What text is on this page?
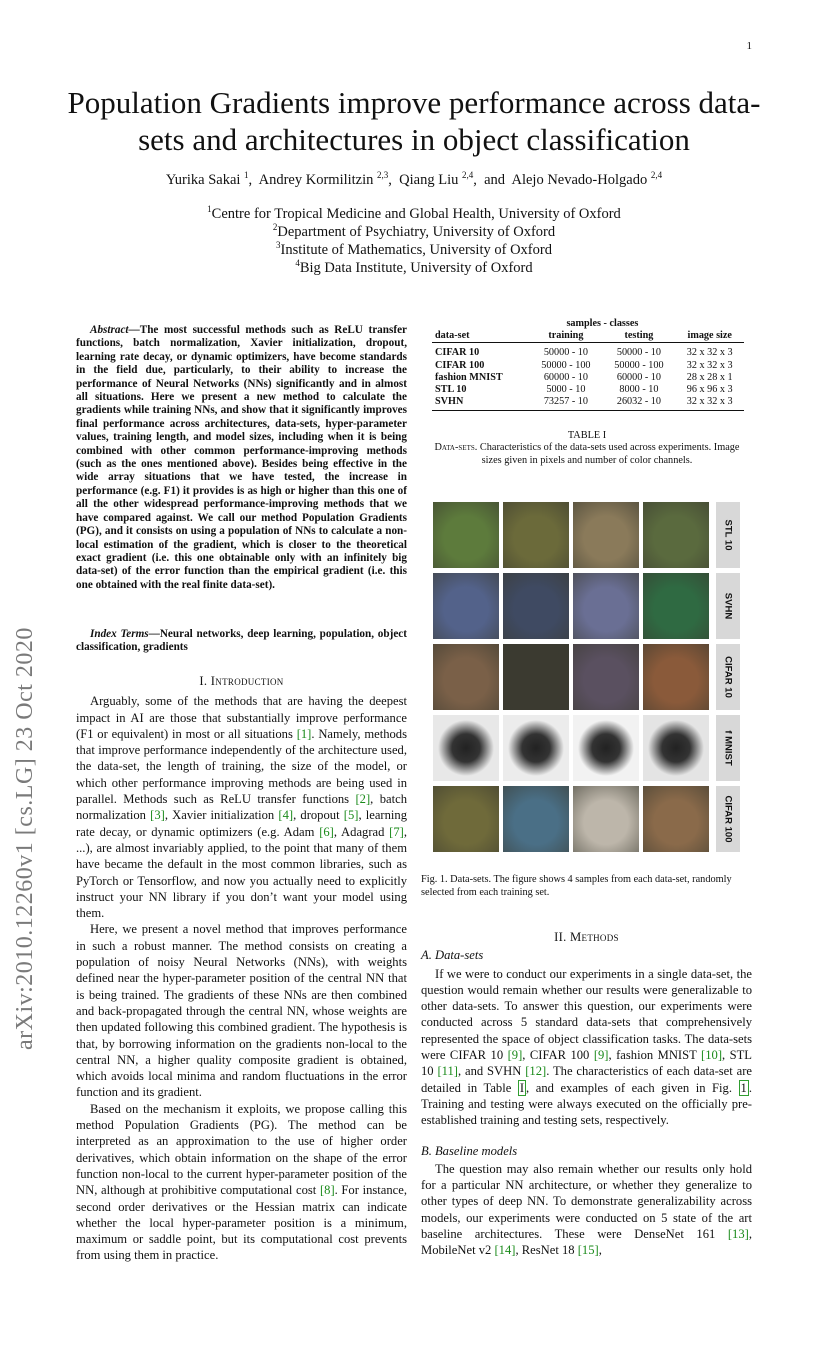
1
arXiv:2010.12260v1 [cs.LG] 23 Oct 2020
Population Gradients improve performance across data-sets and architectures in object classification
Yurika Sakai $^1$,  Andrey Kormilitzin $^{2,3}$,  Qiang Liu $^{2,4}$,  and Alejo Nevado-Holgado $^{2,4}$
$^1$Centre for Tropical Medicine and Global Health, University of Oxford
$^2$Department of Psychiatry, University of Oxford
$^3$Institute of Mathematics, University of Oxford
$^4$Big Data Institute, University of Oxford
Abstract—The most successful methods such as ReLU transfer functions, batch normalization, Xavier initialization, dropout, learning rate decay, or dynamic optimizers, have become standards in the field due, particularly, to their ability to increase the performance of Neural Networks (NNs) significantly and in almost all situations. Here we present a new method to calculate the gradients while training NNs, and show that it significantly improves final performance across architectures, data-sets, hyper-parameter values, training length, and model sizes, including when it is being combined with other common performance-improving methods (such as the ones mentioned above). Besides being effective in the wide array situations that we have tested, the increase in performance (e.g. F1) it provides is as high or higher than this one of all the other widespread performance-improving methods that we have compared against. We call our method Population Gradients (PG), and it consists on using a population of NNs to calculate a non-local estimation of the gradient, which is closer to the theoretical exact gradient (i.e. this one obtainable only with an infinitely big data-set) of the error function than the empirical gradient (i.e. this one obtained with the real finite data-set).
Index Terms—Neural networks, deep learning, population, object classification, gradients
I. Introduction

Arguably, some of the methods that are having the deepest impact in AI are those that substantially improve performance (F1 or equivalent) in most or all situations [1]. Namely, methods that improve performance independently of the architecture used, the data-set, the length of training, the size of the model, or which other performance improving methods are being used in parallel. Methods such as ReLU transfer functions [2], batch normalization [3], Xavier initialization [4], dropout [5], learning rate decay, or dynamic optimizers (e.g. Adam [6], Adagrad [7], ...), are almost invariably applied, to the point that many of them have became the default in the most common libraries, such as PyTorch or Tensorflow, and now you actually need to explicitly instruct your NN library if you don’t want your model using them.

Here, we present a novel method that improves performance in such a robust manner. The method consists on creating a population of noisy Neural Networks (NNs), with weights defined near the hyper-parameter position of the central NN that is being trained. The gradients of these NNs are then combined and back-propagated through the central NN, whose weights are then updated following this combined gradient. The hypothesis is that, by borrowing information on the gradients non-local to the central NN, a higher quality composite gradient is obtained, which avoids local minima and random fluctuations in the error function and its gradient.

Based on the mechanism it exploits, we propose calling this method Population Gradients (PG). The method can be interpreted as an approximation to the use of higher order derivatives, which obtain information on the shape of the error function non-local to the current hyper-parameter position of the NN, although at prohibitive computational cost [8]. For instance, second order derivatives or the Hessian matrix can indicate whether the local hyper-parameter position is a minimum, maximum or saddle point, but its computational cost prevents from using them in practice.

	samples - classes		
data-set	training	testing	image size
CIFAR 10	50000 - 10	50000 - 10	32 x 32 x 3
CIFAR 100	50000 - 100	50000 - 100	32 x 32 x 3
fashion MNIST	60000 - 10	60000 - 10	28 x 28 x 1
STL 10	5000 - 10	8000 - 10	96 x 96 x 3
SVHN	73257 - 10	26032 - 10	32 x 32 x 3
TABLE I
Data-sets. Characteristics of the data-sets used across experiments. Image sizes given in pixels and number of color channels.
STL 10
SVHN
CIFAR 10
f MNIST
CIFAR 100
Fig. 1. Data-sets. The figure shows 4 samples from each data-set, randomly selected from each training set.
II. Methods
A. Data-sets

If we were to conduct our experiments in a single data-set, the question would remain whether our results were generalizable to other data-sets. To answer this question, our experiments were conducted across 5 standard data-sets that comprehensively represented the space of object classification tasks. The data-sets were CIFAR 10 [9], CIFAR 100 [9], fashion MNIST [10], STL 10 [11], and SVHN [12]. The characteristics of each data-set are detailed in Table I , and examples of each given in Fig. 1 . Training and testing were always executed on the officially pre-established training and testing sets, respectively.

B. Baseline models

The question may also remain whether our results only hold for a particular NN architecture, or whether they generalize to other types of deep NN. To demonstrate generalizability across models, our experiments were conducted on 5 state of the art baseline architectures. These were DenseNet 161 [13], MobileNet v2 [14], ResNet 18 [15],
